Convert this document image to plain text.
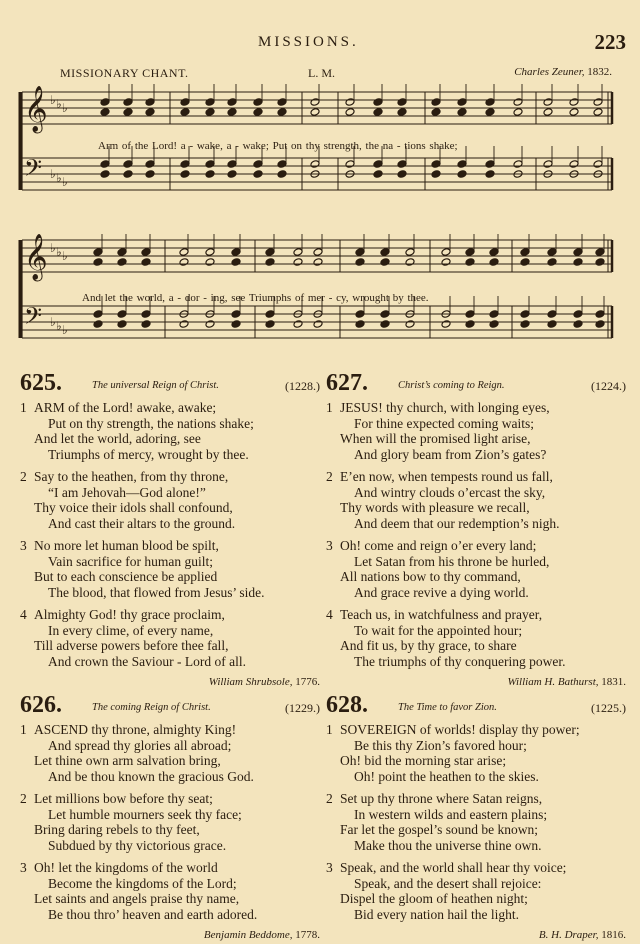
MISSIONS.	223
MISSIONARY CHANT.	L. M.	Charles Zeuner, 1832.
𝄞 ♭ ♭ ♭
𝄢 ♭ ♭ ♭
Arm of the Lord! a - wake, a - wake; Put on thy strength, the na - tions shake;
𝄞 ♭ ♭ ♭
𝄢 ♭ ♭ ♭
And let the world, a - dor - ing, see Triumphs of mer - cy, wrought by thee.
625.	The universal Reign of Christ.	(1228.)
1 ARM of the Lord! awake, awake;
Put on thy strength, the nations shake;
And let the world, adoring, see
Triumphs of mercy, wrought by thee.
2 Say to the heathen, from thy throne,
“I am Jehovah—God alone!”
Thy voice their idols shall confound,
And cast their altars to the ground.
3 No more let human blood be spilt,
Vain sacrifice for human guilt;
But to each conscience be applied
The blood, that flowed from Jesus’ side.
4 Almighty God! thy grace proclaim,
In every clime, of every name,
Till adverse powers before thee fall,
And crown the Saviour - Lord of all.
William Shrubsole, 1776.
626.	The coming Reign of Christ.	(1229.)
1 ASCEND thy throne, almighty King!
And spread thy glories all abroad;
Let thine own arm salvation bring,
And be thou known the gracious God.
2 Let millions bow before thy seat;
Let humble mourners seek thy face;
Bring daring rebels to thy feet,
Subdued by thy victorious grace.
3 Oh! let the kingdoms of the world
Become the kingdoms of the Lord;
Let saints and angels praise thy name,
Be thou thro’ heaven and earth adored.
Benjamin Beddome, 1778.
627.	Christ’s coming to Reign.	(1224.)
1 JESUS! thy church, with longing eyes,
For thine expected coming waits;
When will the promised light arise,
And glory beam from Zion’s gates?
2 E’en now, when tempests round us fall,
And wintry clouds o’ercast the sky,
Thy words with pleasure we recall,
And deem that our redemption’s nigh.
3 Oh! come and reign o’er every land;
Let Satan from his throne be hurled,
All nations bow to thy command,
And grace revive a dying world.
4 Teach us, in watchfulness and prayer,
To wait for the appointed hour;
And fit us, by thy grace, to share
The triumphs of thy conquering power.
William H. Bathurst, 1831.
628.	The Time to favor Zion.	(1225.)
1 SOVEREIGN of worlds! display thy power;
Be this thy Zion’s favored hour;
Oh! bid the morning star arise;
Oh! point the heathen to the skies.
2 Set up thy throne where Satan reigns,
In western wilds and eastern plains;
Far let the gospel’s sound be known;
Make thou the universe thine own.
3 Speak, and the world shall hear thy voice;
Speak, and the desert shall rejoice:
Dispel the gloom of heathen night;
Bid every nation hail the light.
B. H. Draper, 1816.
